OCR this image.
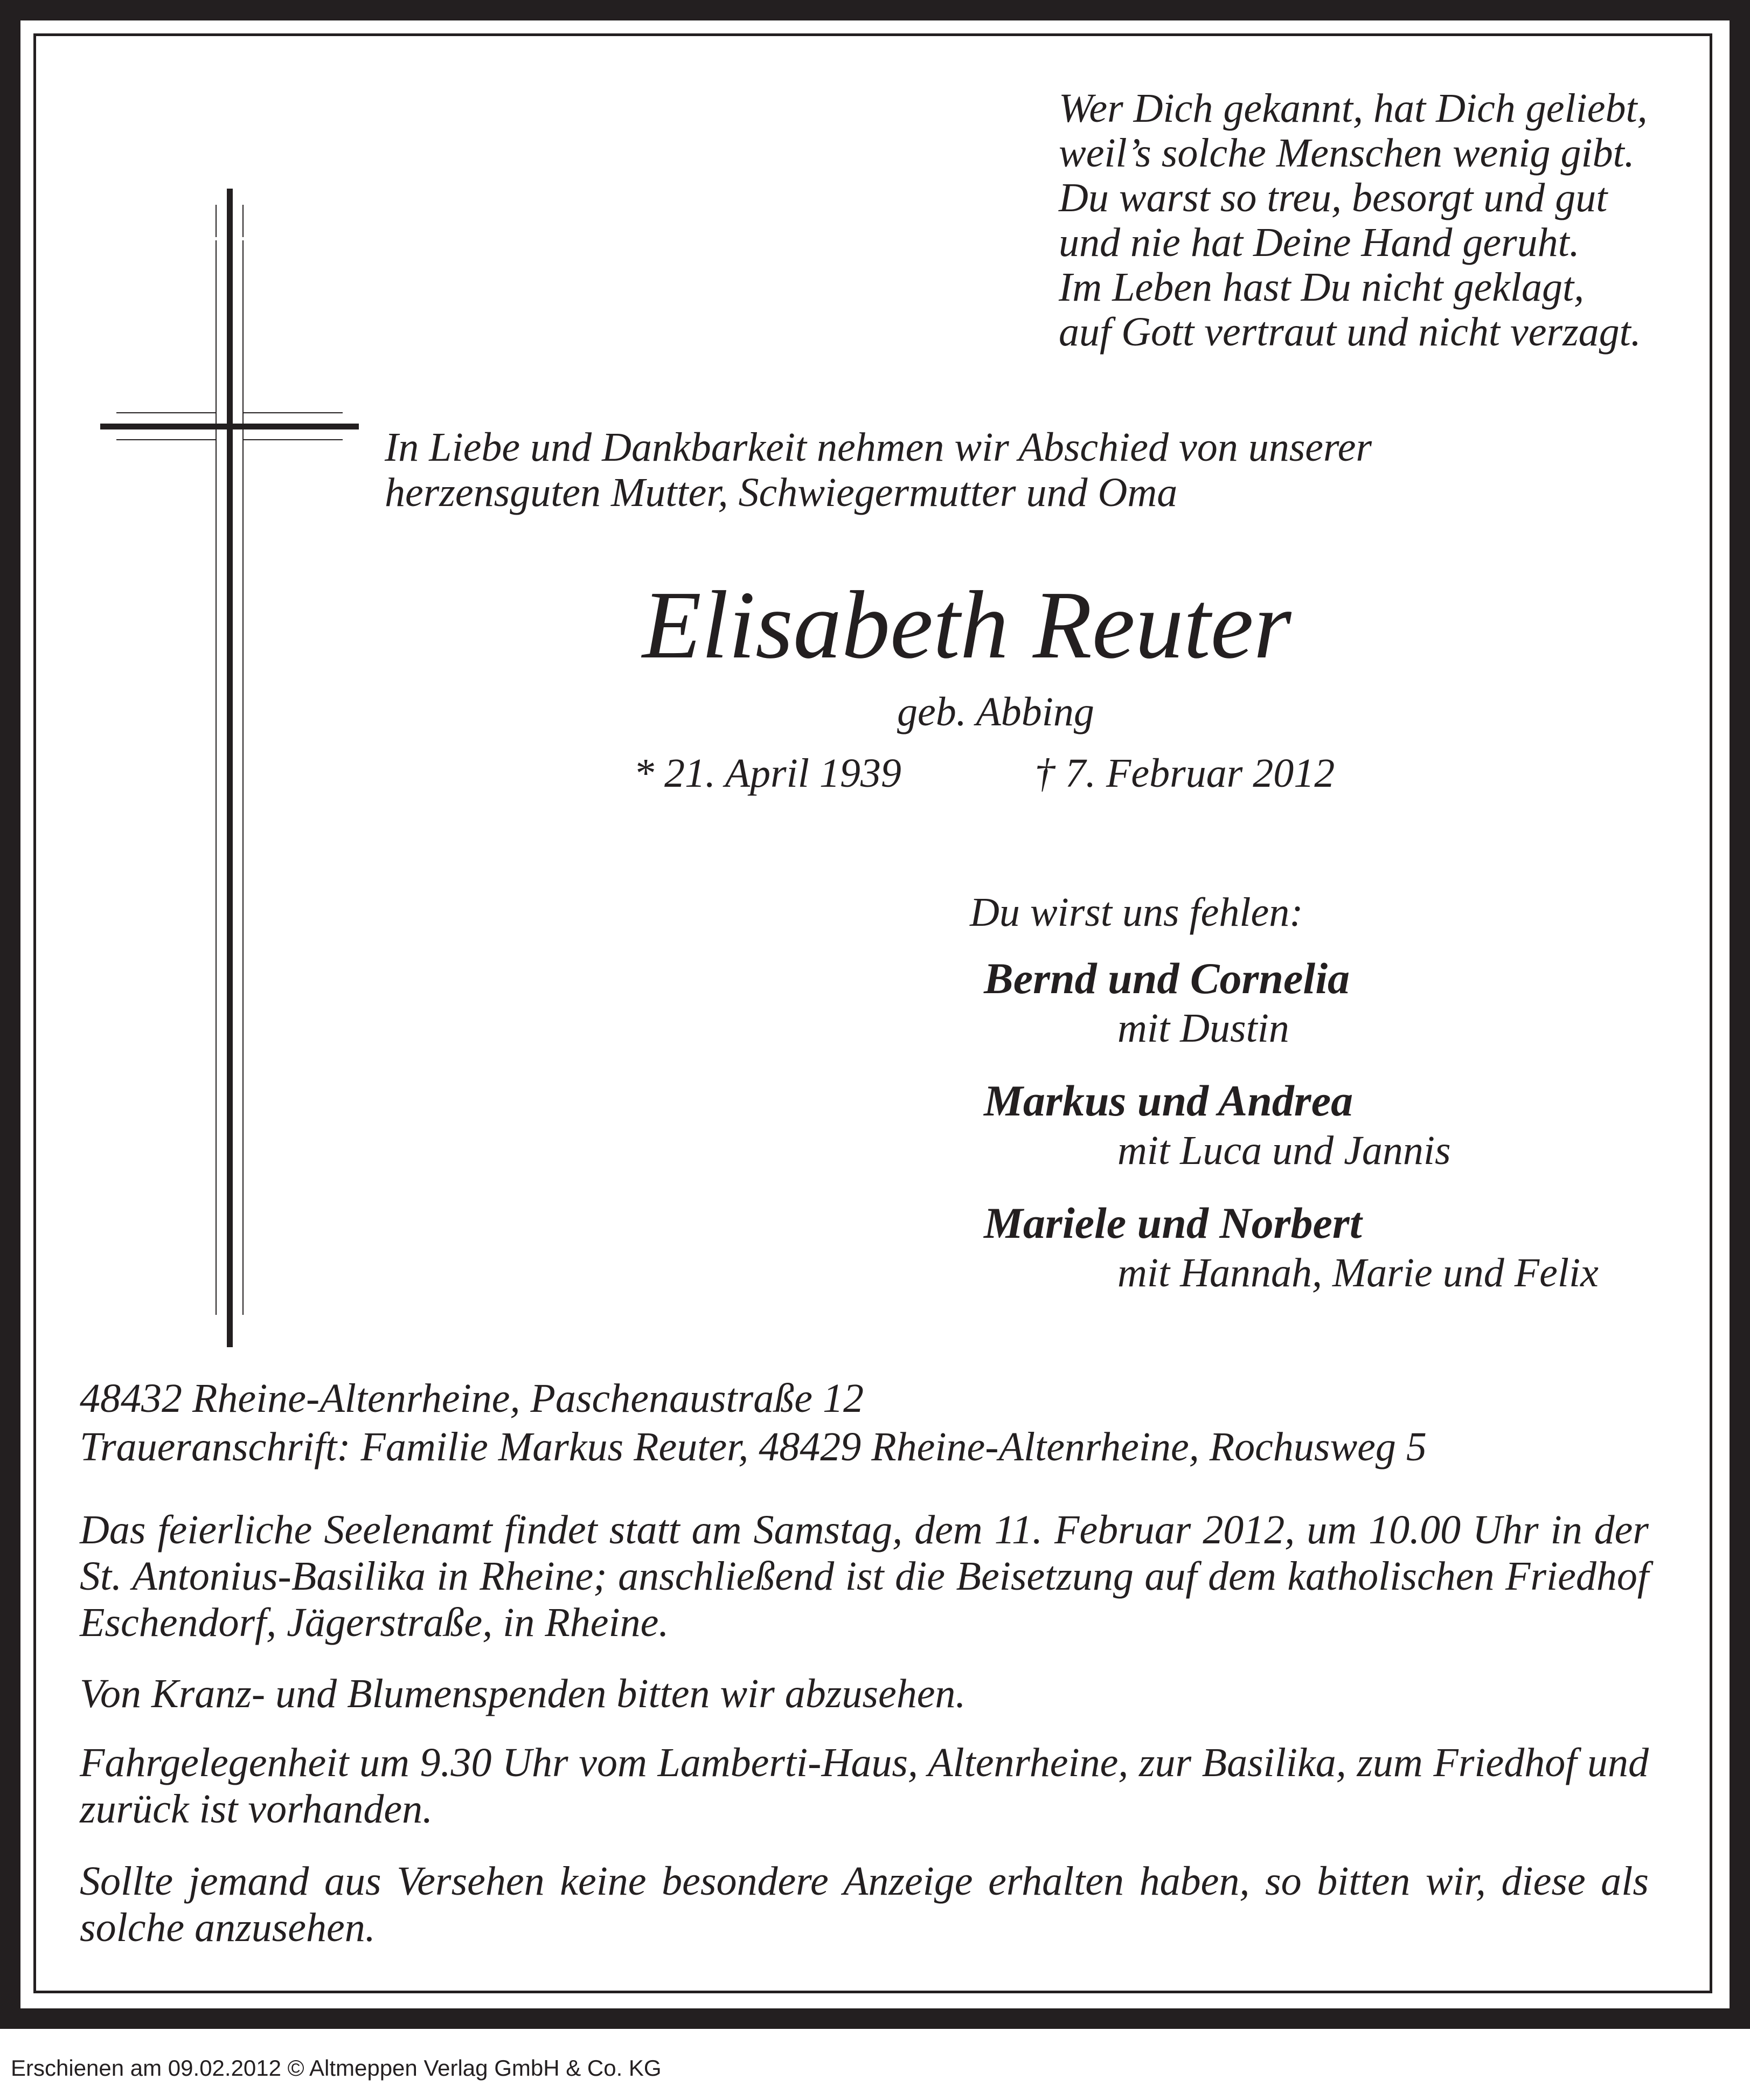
Wer Dich gekannt, hat Dich geliebt,
weil’s solche Menschen wenig gibt.
Du warst so treu, besorgt und gut
und nie hat Deine Hand geruht.
Im Leben hast Du nicht geklagt,
auf Gott vertraut und nicht verzagt.
In Liebe und Dankbarkeit nehmen wir Abschied von unserer
herzensguten Mutter, Schwiegermutter und Oma
Elisabeth Reuter
geb. Abbing
* 21. April 1939	† 7. Februar 2012
Du wirst uns fehlen:
Bernd und Cornelia
mit Dustin
Markus und Andrea
mit Luca und Jannis
Mariele und Norbert
mit Hannah, Marie und Felix
48432 Rheine-Altenrheine, Paschenaustraße 12
Traueranschrift: Familie Markus Reuter, 48429 Rheine-Altenrheine, Rochusweg 5
Das feierliche Seelenamt findet statt am Samstag, dem 11. Februar 2012, um 10.00 Uhr in der St. Antonius-Basilika in Rheine; anschließend ist die Beisetzung auf dem katholischen Friedhof Eschendorf, Jägerstraße, in Rheine.
Von Kranz- und Blumenspenden bitten wir abzusehen.
Fahrgelegenheit um 9.30 Uhr vom Lamberti-Haus, Altenrheine, zur Basilika, zum Friedhof und zurück ist vorhanden.
Sollte jemand aus Versehen keine besondere Anzeige erhalten haben, so bitten wir, diese als solche anzusehen.
Erschienen am 09.02.2012 © Altmeppen Verlag GmbH & Co. KG
